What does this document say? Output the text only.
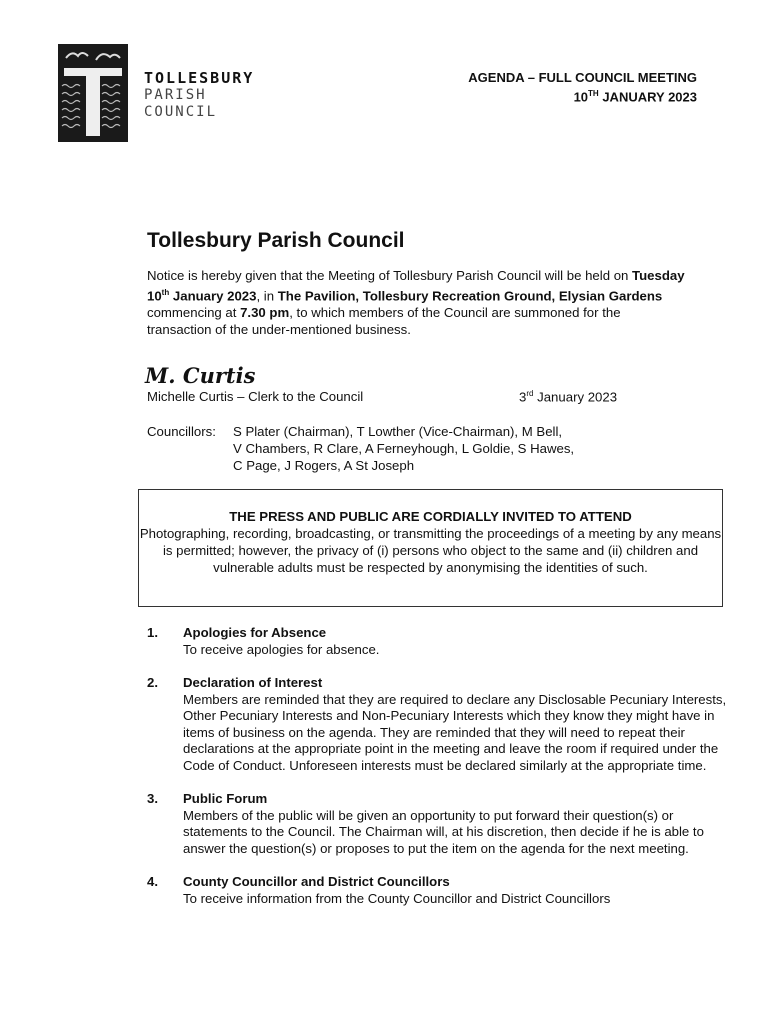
TOLLESBURY
PARISH
COUNCIL
AGENDA – FULL COUNCIL MEETING
10TH JANUARY 2023
Tollesbury Parish Council

Notice is hereby given that the Meeting of Tollesbury Parish Council will be held on Tuesday 10th January 2023, in The Pavilion, Tollesbury Recreation Ground, Elysian Gardens commencing at 7.30 pm, to which members of the Council are summoned for the transaction of the under-mentioned business.

M. Curtis
Michelle Curtis – Clerk to the Council	3rd January 2023
Councillors:	S Plater (Chairman), T Lowther (Vice-Chairman), M Bell,
V Chambers, R Clare, A Ferneyhough, L Goldie, S Hawes,
C Page, J Rogers, A St Joseph
THE PRESS AND PUBLIC ARE CORDIALLY INVITED TO ATTEND
Photographing, recording, broadcasting, or transmitting the proceedings of a meeting by any means is permitted; however, the privacy of (i) persons who object to the same and (ii) children and vulnerable adults must be respected by anonymising the identities of such.
1. Apologies for Absence
To receive apologies for absence.
2. Declaration of Interest
Members are reminded that they are required to declare any Disclosable Pecuniary Interests, Other Pecuniary Interests and Non-Pecuniary Interests which they know they might have in items of business on the agenda. They are reminded that they will need to repeat their declarations at the appropriate point in the meeting and leave the room if required under the Code of Conduct. Unforeseen interests must be declared similarly at the appropriate time.
3. Public Forum
Members of the public will be given an opportunity to put forward their question(s) or statements to the Council. The Chairman will, at his discretion, then decide if he is able to answer the question(s) or proposes to put the item on the agenda for the next meeting.
4. County Councillor and District Councillors
To receive information from the County Councillor and District Councillors
